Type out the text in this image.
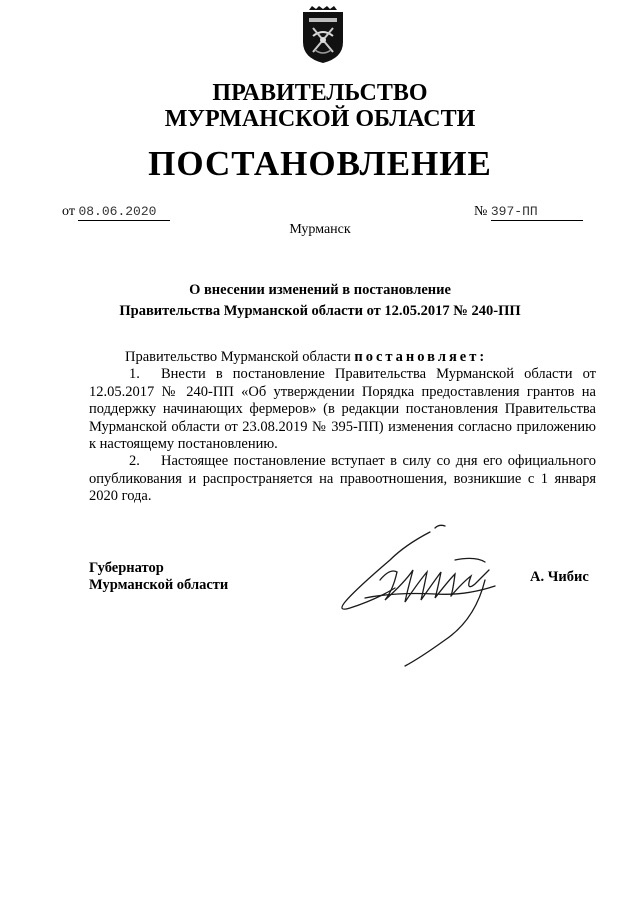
ПРАВИТЕЛЬСТВО
МУРМАНСКОЙ ОБЛАСТИ
ПОСТАНОВЛЕНИЕ
от 08.06.2020	№ 397-ПП
Мурманск
О внесении изменений в постановление
Правительства Мурманской области от 12.05.2017 № 240-ПП
Правительство Мурманской области постановляет:
1. Внести в постановление Правительства Мурманской области от 12.05.2017 № 240-ПП «Об утверждении Порядка предоставления грантов на поддержку начинающих фермеров» (в редакции постановления Правительства Мурманской области от 23.08.2019 № 395-ПП) изменения согласно приложению к настоящему постановлению.
2. Настоящее постановление вступает в силу со дня его официального опубликования и распространяется на правоотношения, возникшие с 1 января 2020 года.
Губернатор
Мурманской области	А. Чибис
